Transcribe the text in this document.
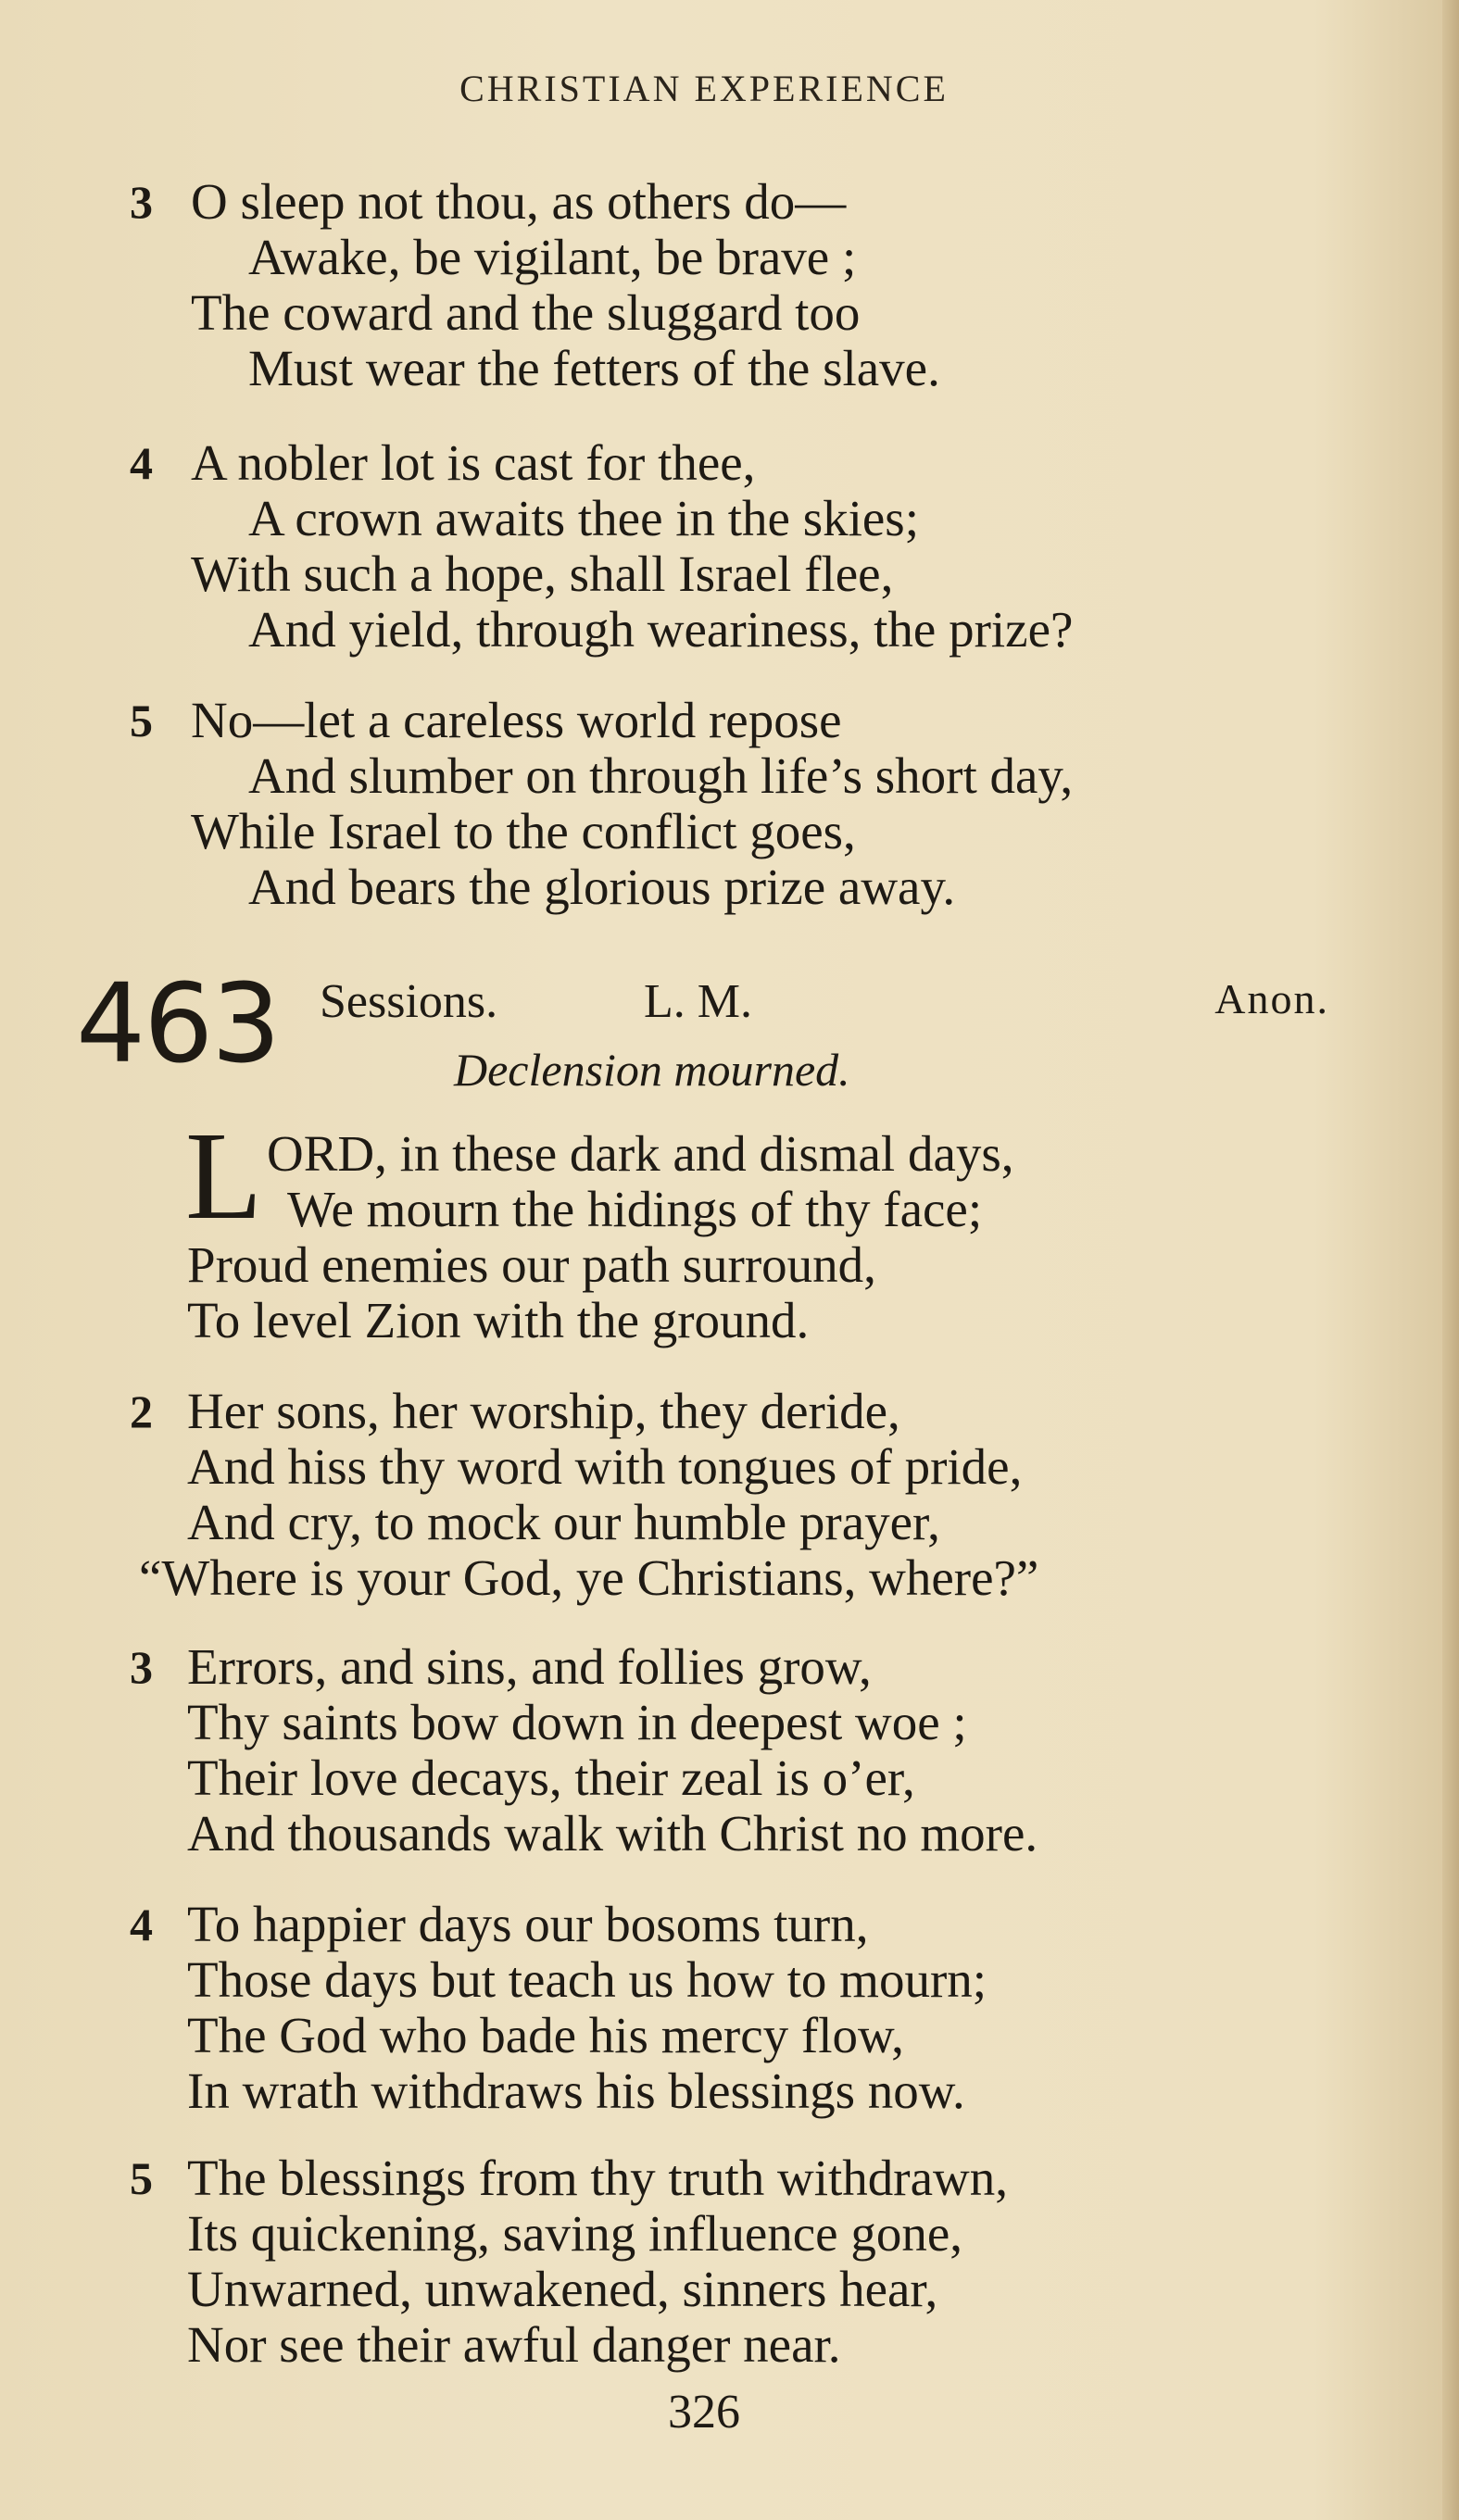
CHRISTIAN EXPERIENCE
3 O sleep not thou, as others do—
Awake, be vigilant, be brave ;
The coward and the sluggard too
Must wear the fetters of the slave.
4 A nobler lot is cast for thee,
A crown awaits thee in the skies;
With such a hope, shall Israel flee,
And yield, through weariness, the prize?
5 No—let a careless world repose
And slumber on through life’s short day,
While Israel to the conflict goes,
And bears the glorious prize away.
463 Sessions.	L. M.	Anon.
Declension mourned.
L ORD, in these dark and dismal days,
We mourn the hidings of thy face;
Proud enemies our path surround,
To level Zion with the ground.
2 Her sons, her worship, they deride,
And hiss thy word with tongues of pride,
And cry, to mock our humble prayer,
“Where is your God, ye Christians, where?”
3 Errors, and sins, and follies grow,
Thy saints bow down in deepest woe ;
Their love decays, their zeal is o’er,
And thousands walk with Christ no more.
4 To happier days our bosoms turn,
Those days but teach us how to mourn;
The God who bade his mercy flow,
In wrath withdraws his blessings now.
5 The blessings from thy truth withdrawn,
Its quickening, saving influence gone,
Unwarned, unwakened, sinners hear,
Nor see their awful danger near.
326
